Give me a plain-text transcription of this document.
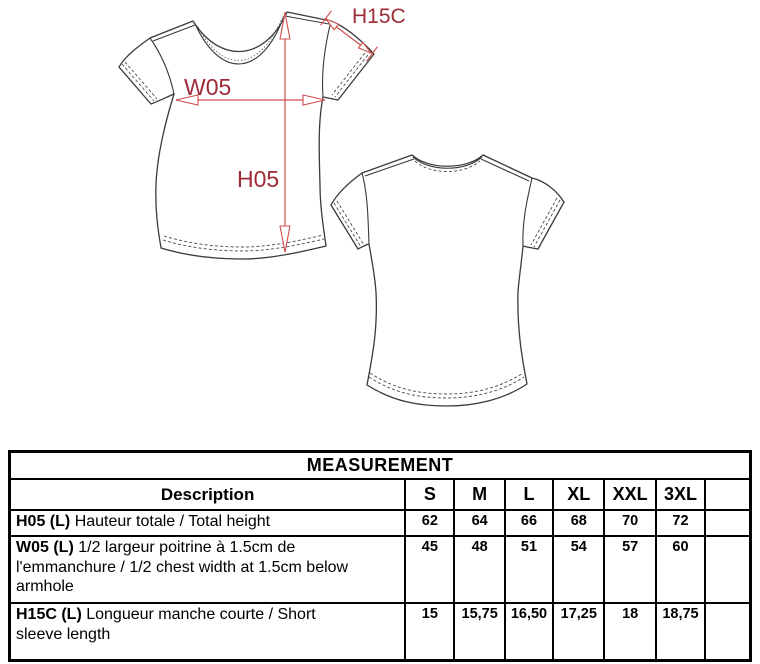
W05
H05
H15C
MEASUREMENT							
Description	S	M	L	XL	XXL	3XL	
H05 (L) Hauteur totale / Total height	62	64	66	68	70	72	
W05 (L) 1/2 largeur poitrine à 1.5cm de l'emmanchure / 1/2 chest width at 1.5cm below armhole	45	48	51	54	57	60	
H15C (L) Longueur manche courte / Short sleeve length	15	15,75	16,50	17,25	18	18,75	
